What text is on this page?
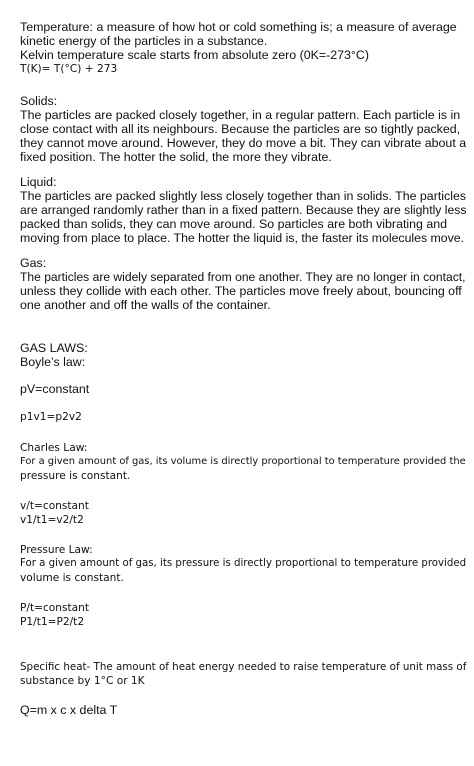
Temperature: a measure of how hot or cold something is; a measure of average
kinetic energy of the particles in a substance.
Kelvin temperature scale starts from absolute zero (0K=-273°C)
T(K)= T(°C) + 273
Solids:
The particles are packed closely together, in a regular pattern. Each particle is in
close contact with all its neighbours. Because the particles are so tightly packed,
they cannot move around. However, they do move a bit. They can vibrate about a
fixed position. The hotter the solid, the more they vibrate.
Liquid:
The particles are packed slightly less closely together than in solids. The particles
are arranged randomly rather than in a fixed pattern. Because they are slightly less
packed than solids, they can move around. So particles are both vibrating and
moving from place to place. The hotter the liquid is, the faster its molecules move.
Gas:
The particles are widely separated from one another. They are no longer in contact,
unless they collide with each other. The particles move freely about, bouncing off
one another and off the walls of the container.
GAS LAWS:
Boyle’s law:
pV=constant
p1v1=p2v2
Charles Law:
For a given amount of gas, its volume is directly proportional to temperature provided the
pressure is constant.
v/t=constant
v1/t1=v2/t2
Pressure Law:
For a given amount of gas, its pressure is directly proportional to temperature provided
volume is constant.
P/t=constant
P1/t1=P2/t2
Specific heat- The amount of heat energy needed to raise temperature of unit mass of
substance by 1°C or 1K
Q=m x c x delta T
